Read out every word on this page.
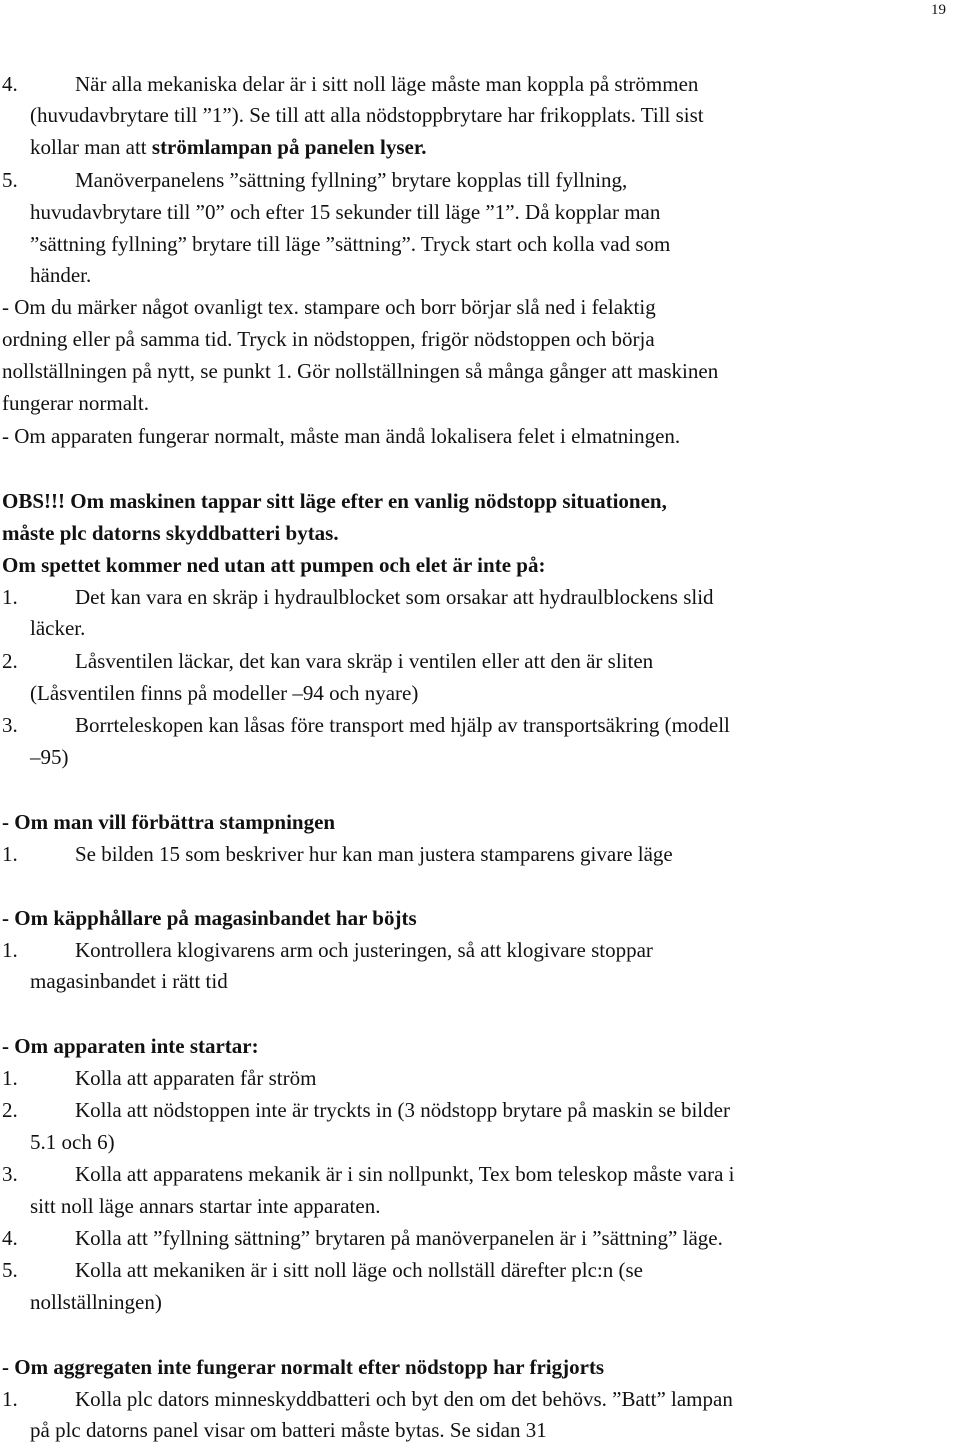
19
4.	När alla mekaniska delar är i sitt noll läge måste man koppla på strömmen
(huvudavbrytare till ”1”). Se till att alla nödstoppbrytare har frikopplats. Till sist
kollar man att strömlampan på panelen lyser.
5.	Manöverpanelens ”sättning fyllning” brytare kopplas till fyllning,
huvudavbrytare till ”0” och efter 15 sekunder till läge ”1”. Då kopplar man
”sättning fyllning” brytare till läge ”sättning”. Tryck start och kolla vad som
händer.
- Om du märker något ovanligt tex. stampare och borr börjar slå ned i felaktig
ordning eller på samma tid. Tryck in nödstoppen, frigör nödstoppen och börja
nollställningen på nytt, se punkt 1. Gör nollställningen så många gånger att maskinen
fungerar normalt.
- Om apparaten fungerar normalt, måste man ändå lokalisera felet i elmatningen.
OBS!!! Om maskinen tappar sitt läge efter en vanlig nödstopp situationen,
måste plc datorns skyddbatteri bytas.
Om spettet kommer ned utan att pumpen och elet är inte på:
1.	Det kan vara en skräp i hydraulblocket som orsakar att hydraulblockens slid
läcker.
2.	Låsventilen läckar, det kan vara skräp i ventilen eller att den är sliten
(Låsventilen finns på modeller –94 och nyare)
3.	Borrteleskopen kan låsas före transport med hjälp av transportsäkring (modell
–95)
- Om man vill förbättra stampningen
1.	Se bilden 15 som beskriver hur kan man justera stamparens givare läge
- Om käpphållare på magasinbandet har böjts
1.	Kontrollera klogivarens arm och justeringen, så att klogivare stoppar
magasinbandet i rätt tid
- Om apparaten inte startar:
1.	Kolla att apparaten får ström
2.	Kolla att nödstoppen inte är tryckts in (3 nödstopp brytare på maskin se bilder
5.1 och 6)
3.	Kolla att apparatens mekanik är i sin nollpunkt, Tex bom teleskop måste vara i
sitt noll läge annars startar inte apparaten.
4.	Kolla att ”fyllning sättning” brytaren på manöverpanelen är i ”sättning” läge.
5.	Kolla att mekaniken är i sitt noll läge och nollställ därefter plc:n (se
nollställningen)
- Om aggregaten inte fungerar normalt efter nödstopp har frigjorts
1.	Kolla plc dators minneskyddbatteri och byt den om det behövs. ”Batt” lampan
på plc datorns panel visar om batteri måste bytas. Se sidan 31
